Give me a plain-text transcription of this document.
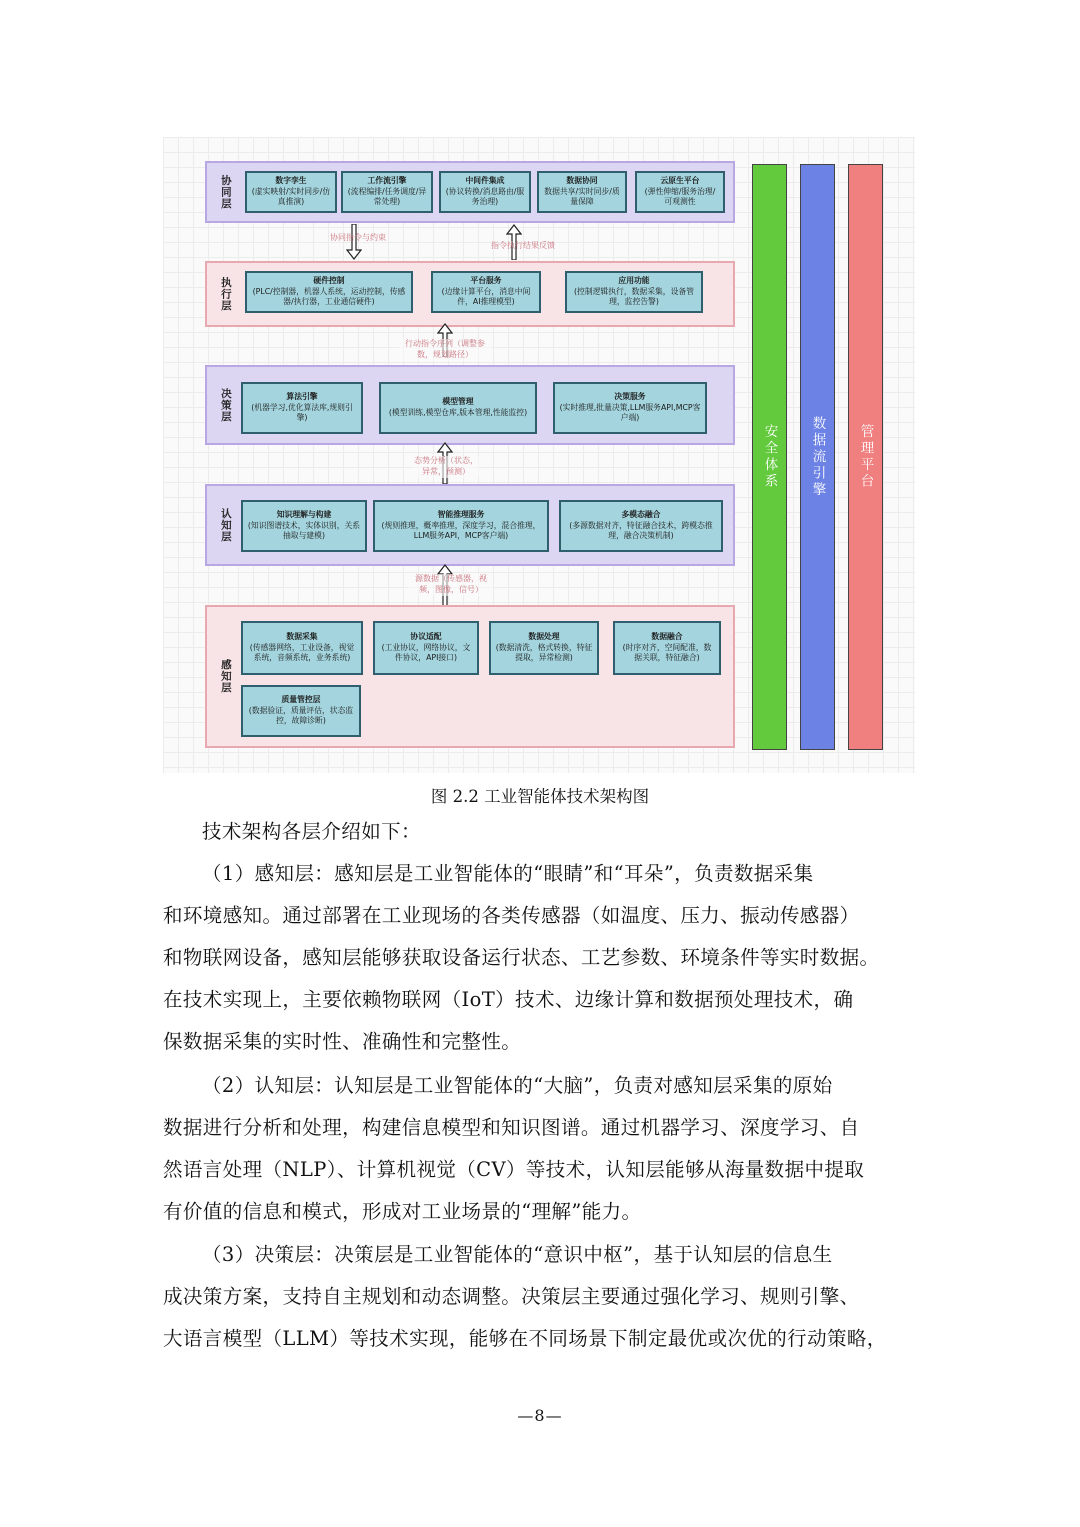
协同层	数字孪生
(虚实映射/实时同步/仿真推演)
工作流引擎
(流程编排/任务调度/异常处理)
中间件集成
(协议转换/消息路由/服务治理)
数据协同
数据共享/实时同步/质量保障
云原生平台
(弹性伸缩/服务治理/可观测性
协同指令与约束
指令执行结果反馈
执行层	硬件控制
(PLC/控制器，机器人系统，运动控制，传感器/执行器，工业通信硬件)
平台服务
(边缘计算平台，消息中间件，AI推理模型)
应用功能
(控制逻辑执行，数据采集，设备管理，监控告警)
行动指令序列（调整参数，规划路径）
决策层	算法引擎
(机器学习,优化算法库,规则引擎)
模型管理
(模型训练,模型仓库,版本管理,性能监控)
决策服务
(实时推理,批量决策,LLM服务API,MCP客户端)
态势分析（状态，异常，预测）
认知层	知识理解与构建
(知识图谱技术，实体识别，关系抽取与建模)
智能推理服务
(规则推理，概率推理，深度学习，混合推理，LLM服务API，MCP客户端)
多模态融合
(多源数据对齐，特征融合技术，跨模态推理，融合决策机制)
源数据（传感器，视频，图像，信号）
感知层
数据采集
(传感器网络，工业设备，视觉系统，音频系统，业务系统)
协议适配
(工业协议，网络协议，文件协议，API接口)
数据处理
(数据清洗，格式转换，特征提取，异常检测)
数据融合
(时序对齐，空间配准，数据关联，特征融合)
质量管控层
(数据验证，质量评估，状态监控，故障诊断)
安全体系 数据流引擎 管理平台
图 2.2 工业智能体技术架构图
技术架构各层介绍如下：
（1）感知层：感知层是工业智能体的“眼睛”和“耳朵”，负责数据采集
和环境感知。通过部署在工业现场的各类传感器（如温度、压力、振动传感器）
和物联网设备，感知层能够获取设备运行状态、工艺参数、环境条件等实时数据。
在技术实现上，主要依赖物联网（IoT）技术、边缘计算和数据预处理技术，确
保数据采集的实时性、准确性和完整性。
（2）认知层：认知层是工业智能体的“大脑”，负责对感知层采集的原始
数据进行分析和处理，构建信息模型和知识图谱。通过机器学习、深度学习、自
然语言处理（NLP）、计算机视觉（CV）等技术，认知层能够从海量数据中提取
有价值的信息和模式，形成对工业场景的“理解”能力。
（3）决策层：决策层是工业智能体的“意识中枢”，基于认知层的信息生
成决策方案，支持自主规划和动态调整。决策层主要通过强化学习、规则引擎、
大语言模型（LLM）等技术实现，能够在不同场景下制定最优或次优的行动策略，
—8—
